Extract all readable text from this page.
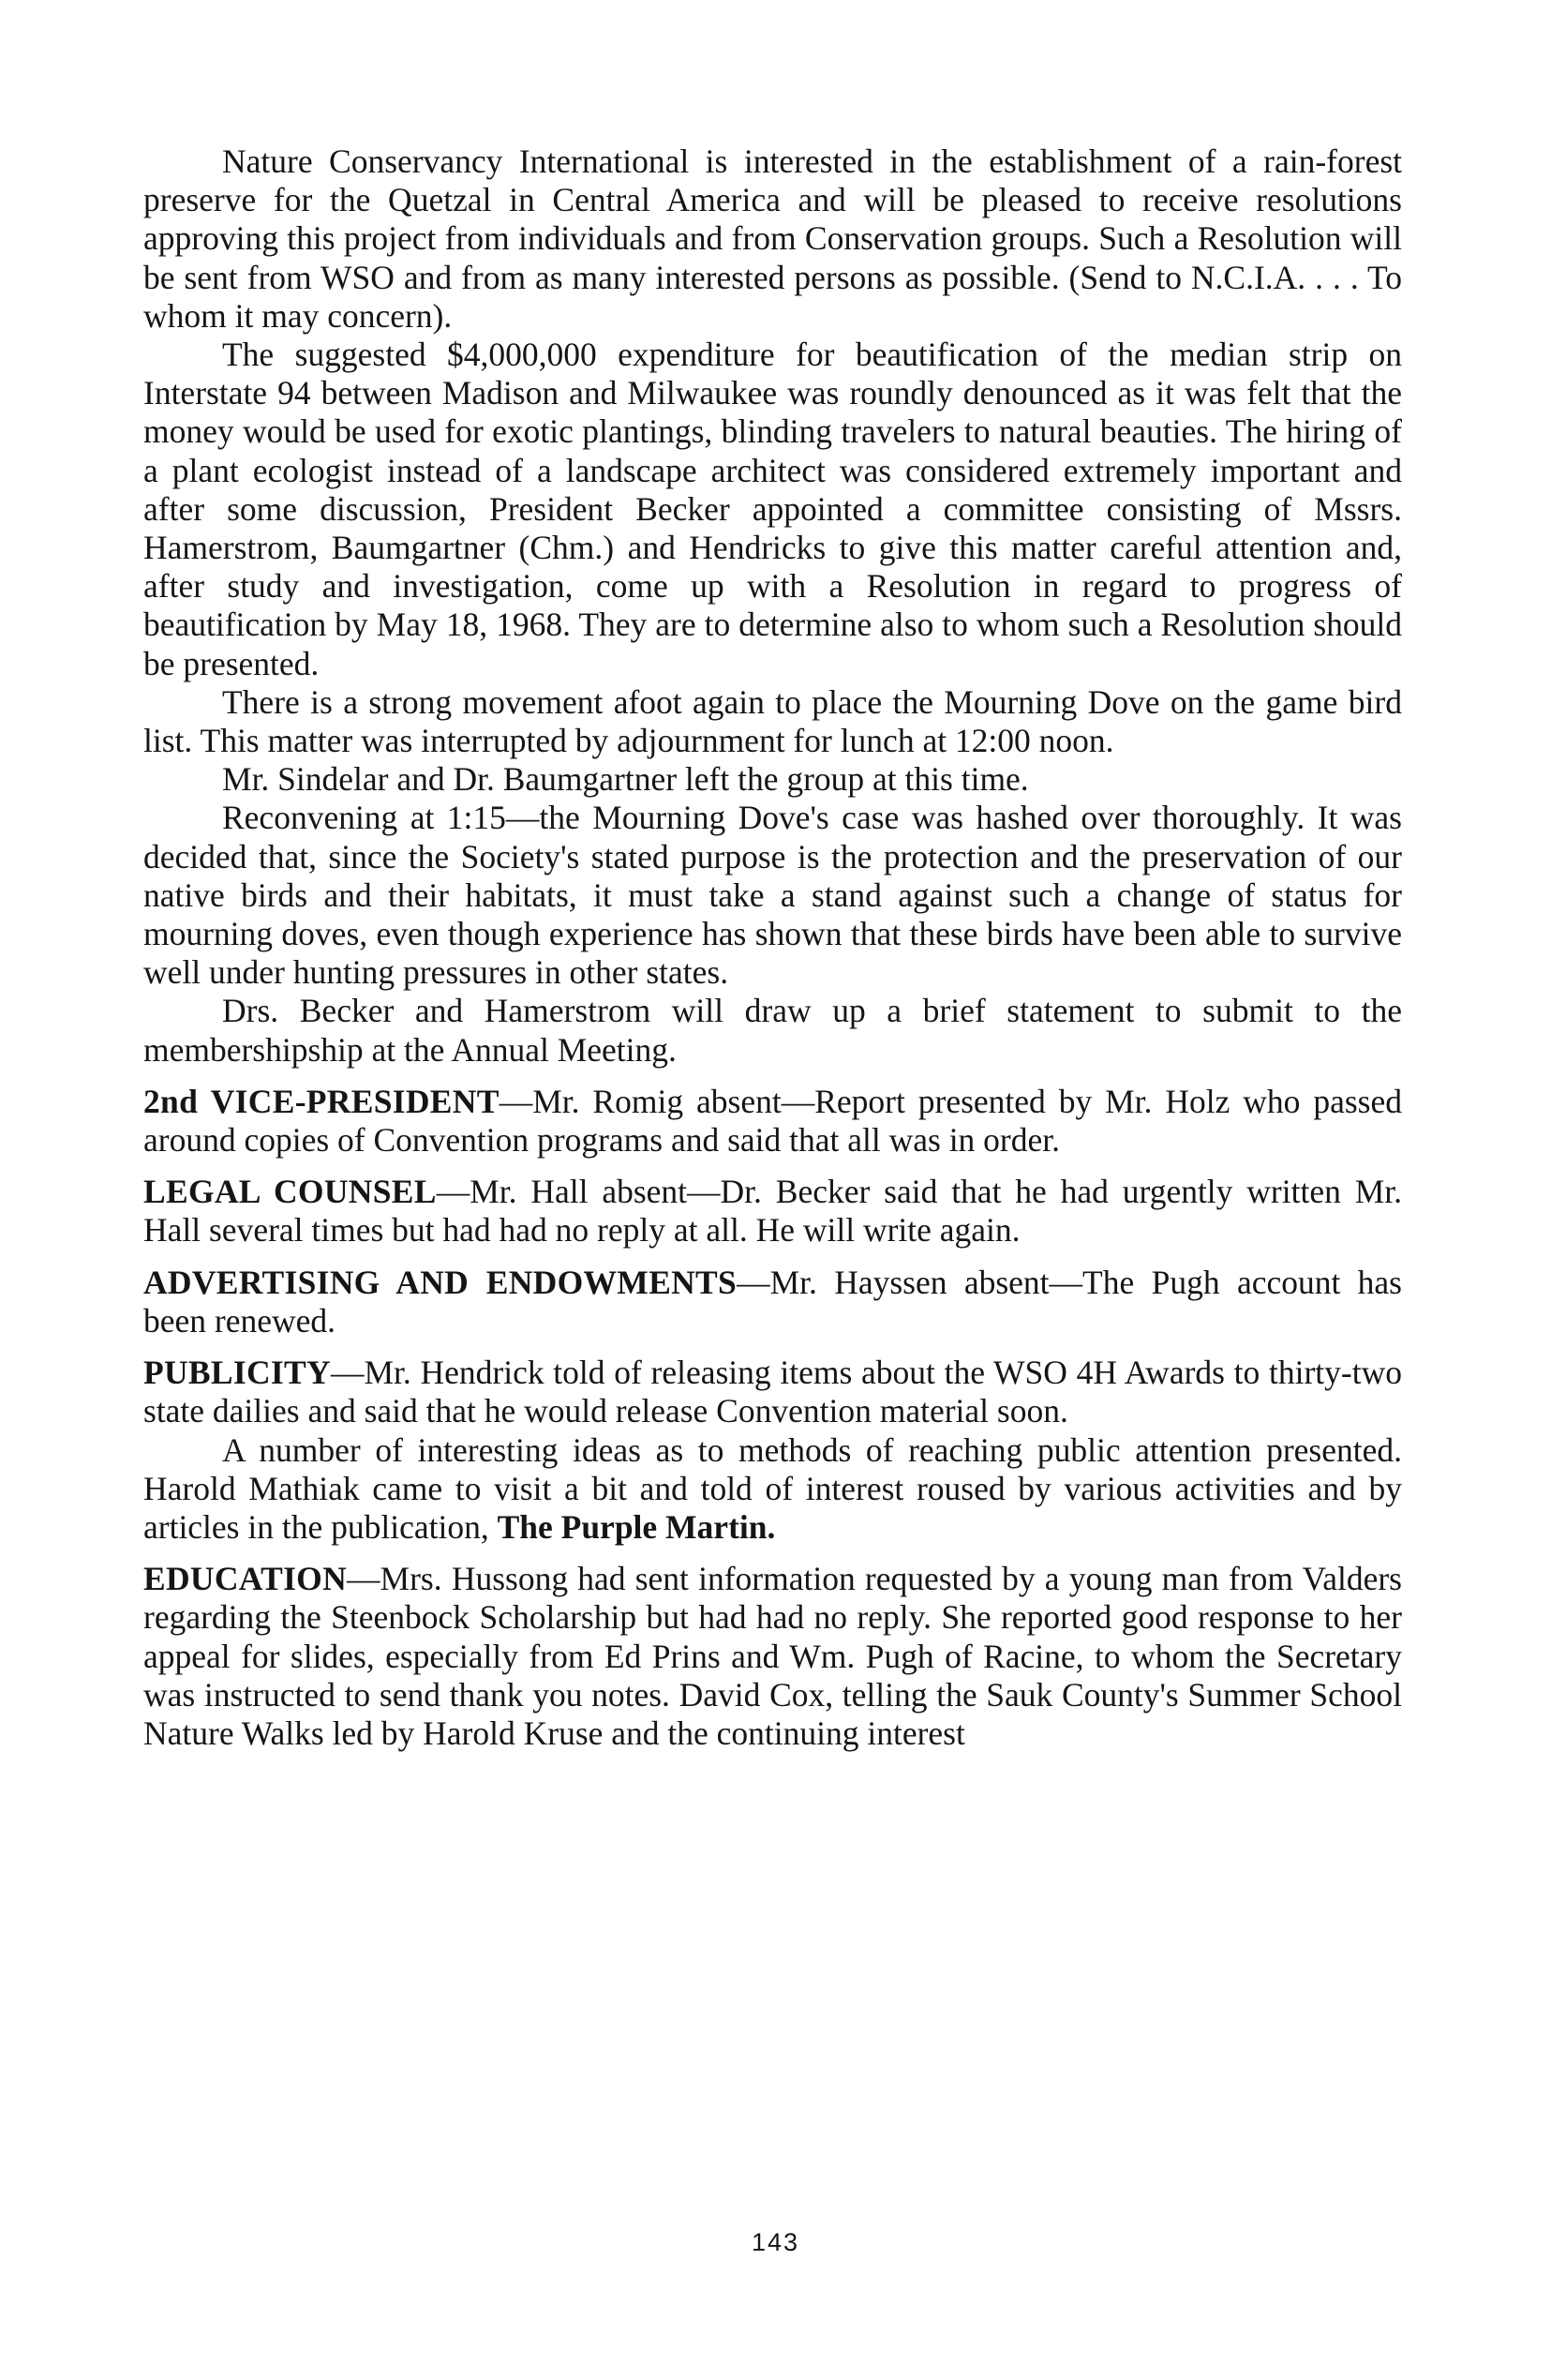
Nature Conservancy International is interested in the establishment of a rain-forest preserve for the Quetzal in Central America and will be pleased to receive resolutions approving this project from individuals and from Conservation groups. Such a Resolution will be sent from WSO and from as many interested persons as possible. (Send to N.C.I.A. . . . To whom it may concern).

The suggested $4,000,000 expenditure for beautification of the median strip on Interstate 94 between Madison and Milwaukee was roundly denounced as it was felt that the money would be used for exotic plantings, blinding travelers to natural beauties. The hiring of a plant ecologist instead of a landscape architect was considered extremely important and after some discussion, President Becker appointed a committee consisting of Mssrs. Hamerstrom, Baumgartner (Chm.) and Hendricks to give this matter careful attention and, after study and investigation, come up with a Resolution in regard to progress of beautification by May 18, 1968. They are to determine also to whom such a Resolution should be presented.

There is a strong movement afoot again to place the Mourning Dove on the game bird list. This matter was interrupted by adjournment for lunch at 12:00 noon.

Mr. Sindelar and Dr. Baumgartner left the group at this time.

Reconvening at 1:15—the Mourning Dove's case was hashed over thoroughly. It was decided that, since the Society's stated purpose is the protection and the preservation of our native birds and their habitats, it must take a stand against such a change of status for mourning doves, even though experience has shown that these birds have been able to survive well under hunting pressures in other states.

Drs. Becker and Hamerstrom will draw up a brief statement to submit to the membershipship at the Annual Meeting.

2nd VICE-PRESIDENT—Mr. Romig absent—Report presented by Mr. Holz who passed around copies of Convention programs and said that all was in order.

LEGAL COUNSEL—Mr. Hall absent—Dr. Becker said that he had urgently written Mr. Hall several times but had had no reply at all. He will write again.

ADVERTISING AND ENDOWMENTS—Mr. Hayssen absent—The Pugh account has been renewed.

PUBLICITY—Mr. Hendrick told of releasing items about the WSO 4H Awards to thirty-two state dailies and said that he would release Convention material soon.

A number of interesting ideas as to methods of reaching public attention presented. Harold Mathiak came to visit a bit and told of interest roused by various activities and by articles in the publication, The Purple Martin.

EDUCATION—Mrs. Hussong had sent information requested by a young man from Valders regarding the Steenbock Scholarship but had had no reply. She reported good response to her appeal for slides, especially from Ed Prins and Wm. Pugh of Racine, to whom the Secretary was instructed to send thank you notes. David Cox, telling the Sauk County's Summer School Nature Walks led by Harold Kruse and the continuing interest

143
